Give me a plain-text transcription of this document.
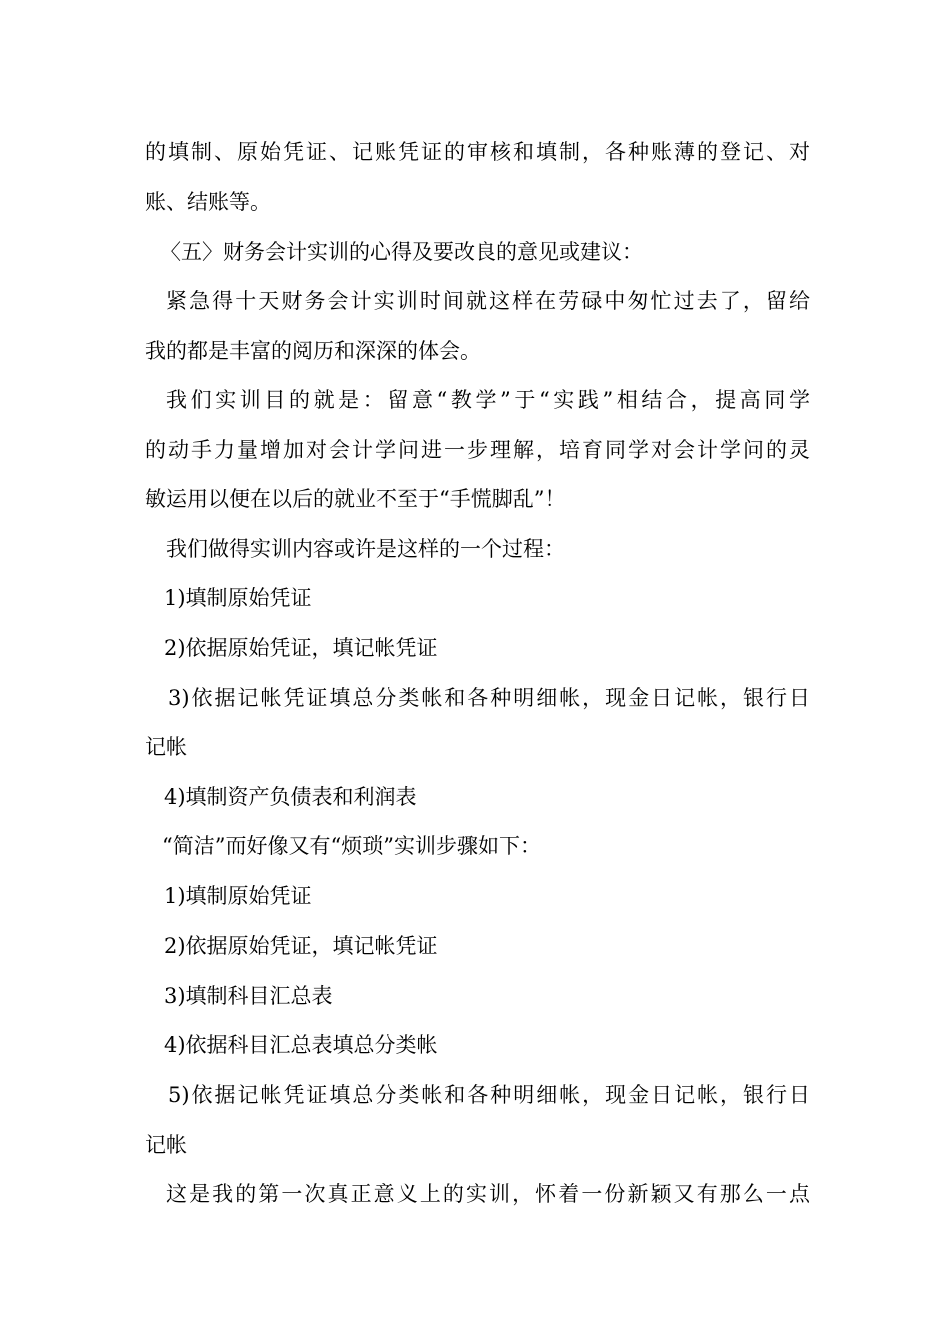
的填制、原始凭证、记账凭证的审核和填制，各种账薄的登记、对
账、结账等。
〈五〉财务会计实训的心得及要改良的意见或建议：
紧急得十天财务会计实训时间就这样在劳碌中匆忙过去了，留给
我的都是丰富的阅历和深深的体会。
我们实训目的就是：留意“教学”于“实践”相结合，提高同学
的动手力量增加对会计学问进一步理解，培育同学对会计学问的灵
敏运用以便在以后的就业不至于“手慌脚乱”！
我们做得实训内容或许是这样的一个过程：
1)填制原始凭证
2)依据原始凭证，填记帐凭证
3)依据记帐凭证填总分类帐和各种明细帐，现金日记帐，银行日
记帐
4)填制资产负债表和利润表
“简洁”而好像又有“烦琐”实训步骤如下：
1)填制原始凭证
2)依据原始凭证，填记帐凭证
3)填制科目汇总表
4)依据科目汇总表填总分类帐
5)依据记帐凭证填总分类帐和各种明细帐，现金日记帐，银行日
记帐
这是我的第一次真正意义上的实训，怀着一份新颖又有那么一点
